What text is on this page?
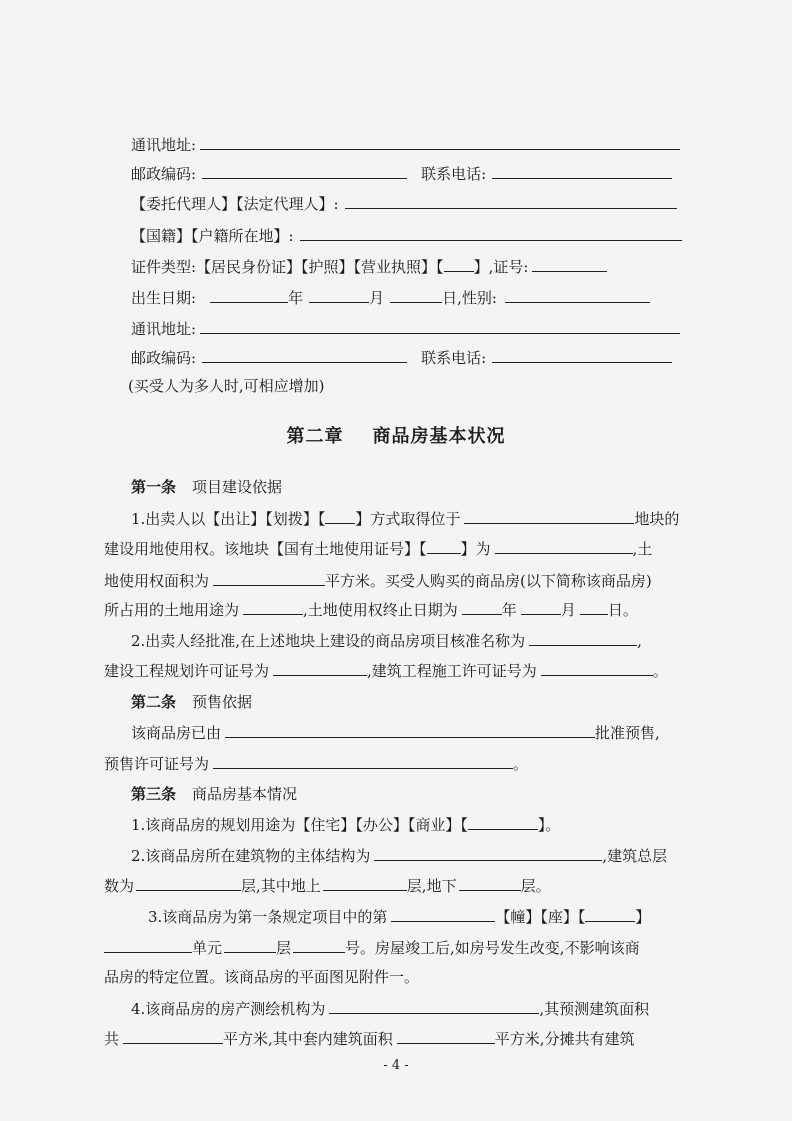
通讯地址:
邮政编码:	联系电话:
【委托代理人】【法定代理人】:
【国籍】【户籍所在地】:
证件类型:【居民身份证】【护照】【营业执照】【 】,证号:
出生日期:	年	月	日,性别:
通讯地址:
邮政编码:	联系电话:
(买受人为多人时,可相应增加)
第二章    商品房基本状况
第一条 项目建设依据
1.出卖人以【出让】【划拨】【 】方式取得位于	地块的
建设用地使用权。该地块【国有土地使用证号】【 】为	,土
地使用权面积为	平方米。买受人购买的商品房(以下简称该商品房)
所占用的土地用途为	,土地使用权终止日期为	年	月 日。
2.出卖人经批准,在上述地块上建设的商品房项目核准名称为	,
建设工程规划许可证号为	,建筑工程施工许可证号为	。
第二条 预售依据
该商品房已由	批准预售,
预售许可证号为	。
第三条 商品房基本情况
1.该商品房的规划用途为【住宅】【办公】【商业】【	】。
2.该商品房所在建筑物的主体结构为	,建筑总层
数为	层,其中地上	层,地下	层。
3.该商品房为第一条规定项目中的第	【幢】【座】【	】
单元	层	号。房屋竣工后,如房号发生改变,不影响该商
品房的特定位置。该商品房的平面图见附件一。
4.该商品房的房产测绘机构为	,其预测建筑面积
共	平方米,其中套内建筑面积	平方米,分摊共有建筑
- 4 -
